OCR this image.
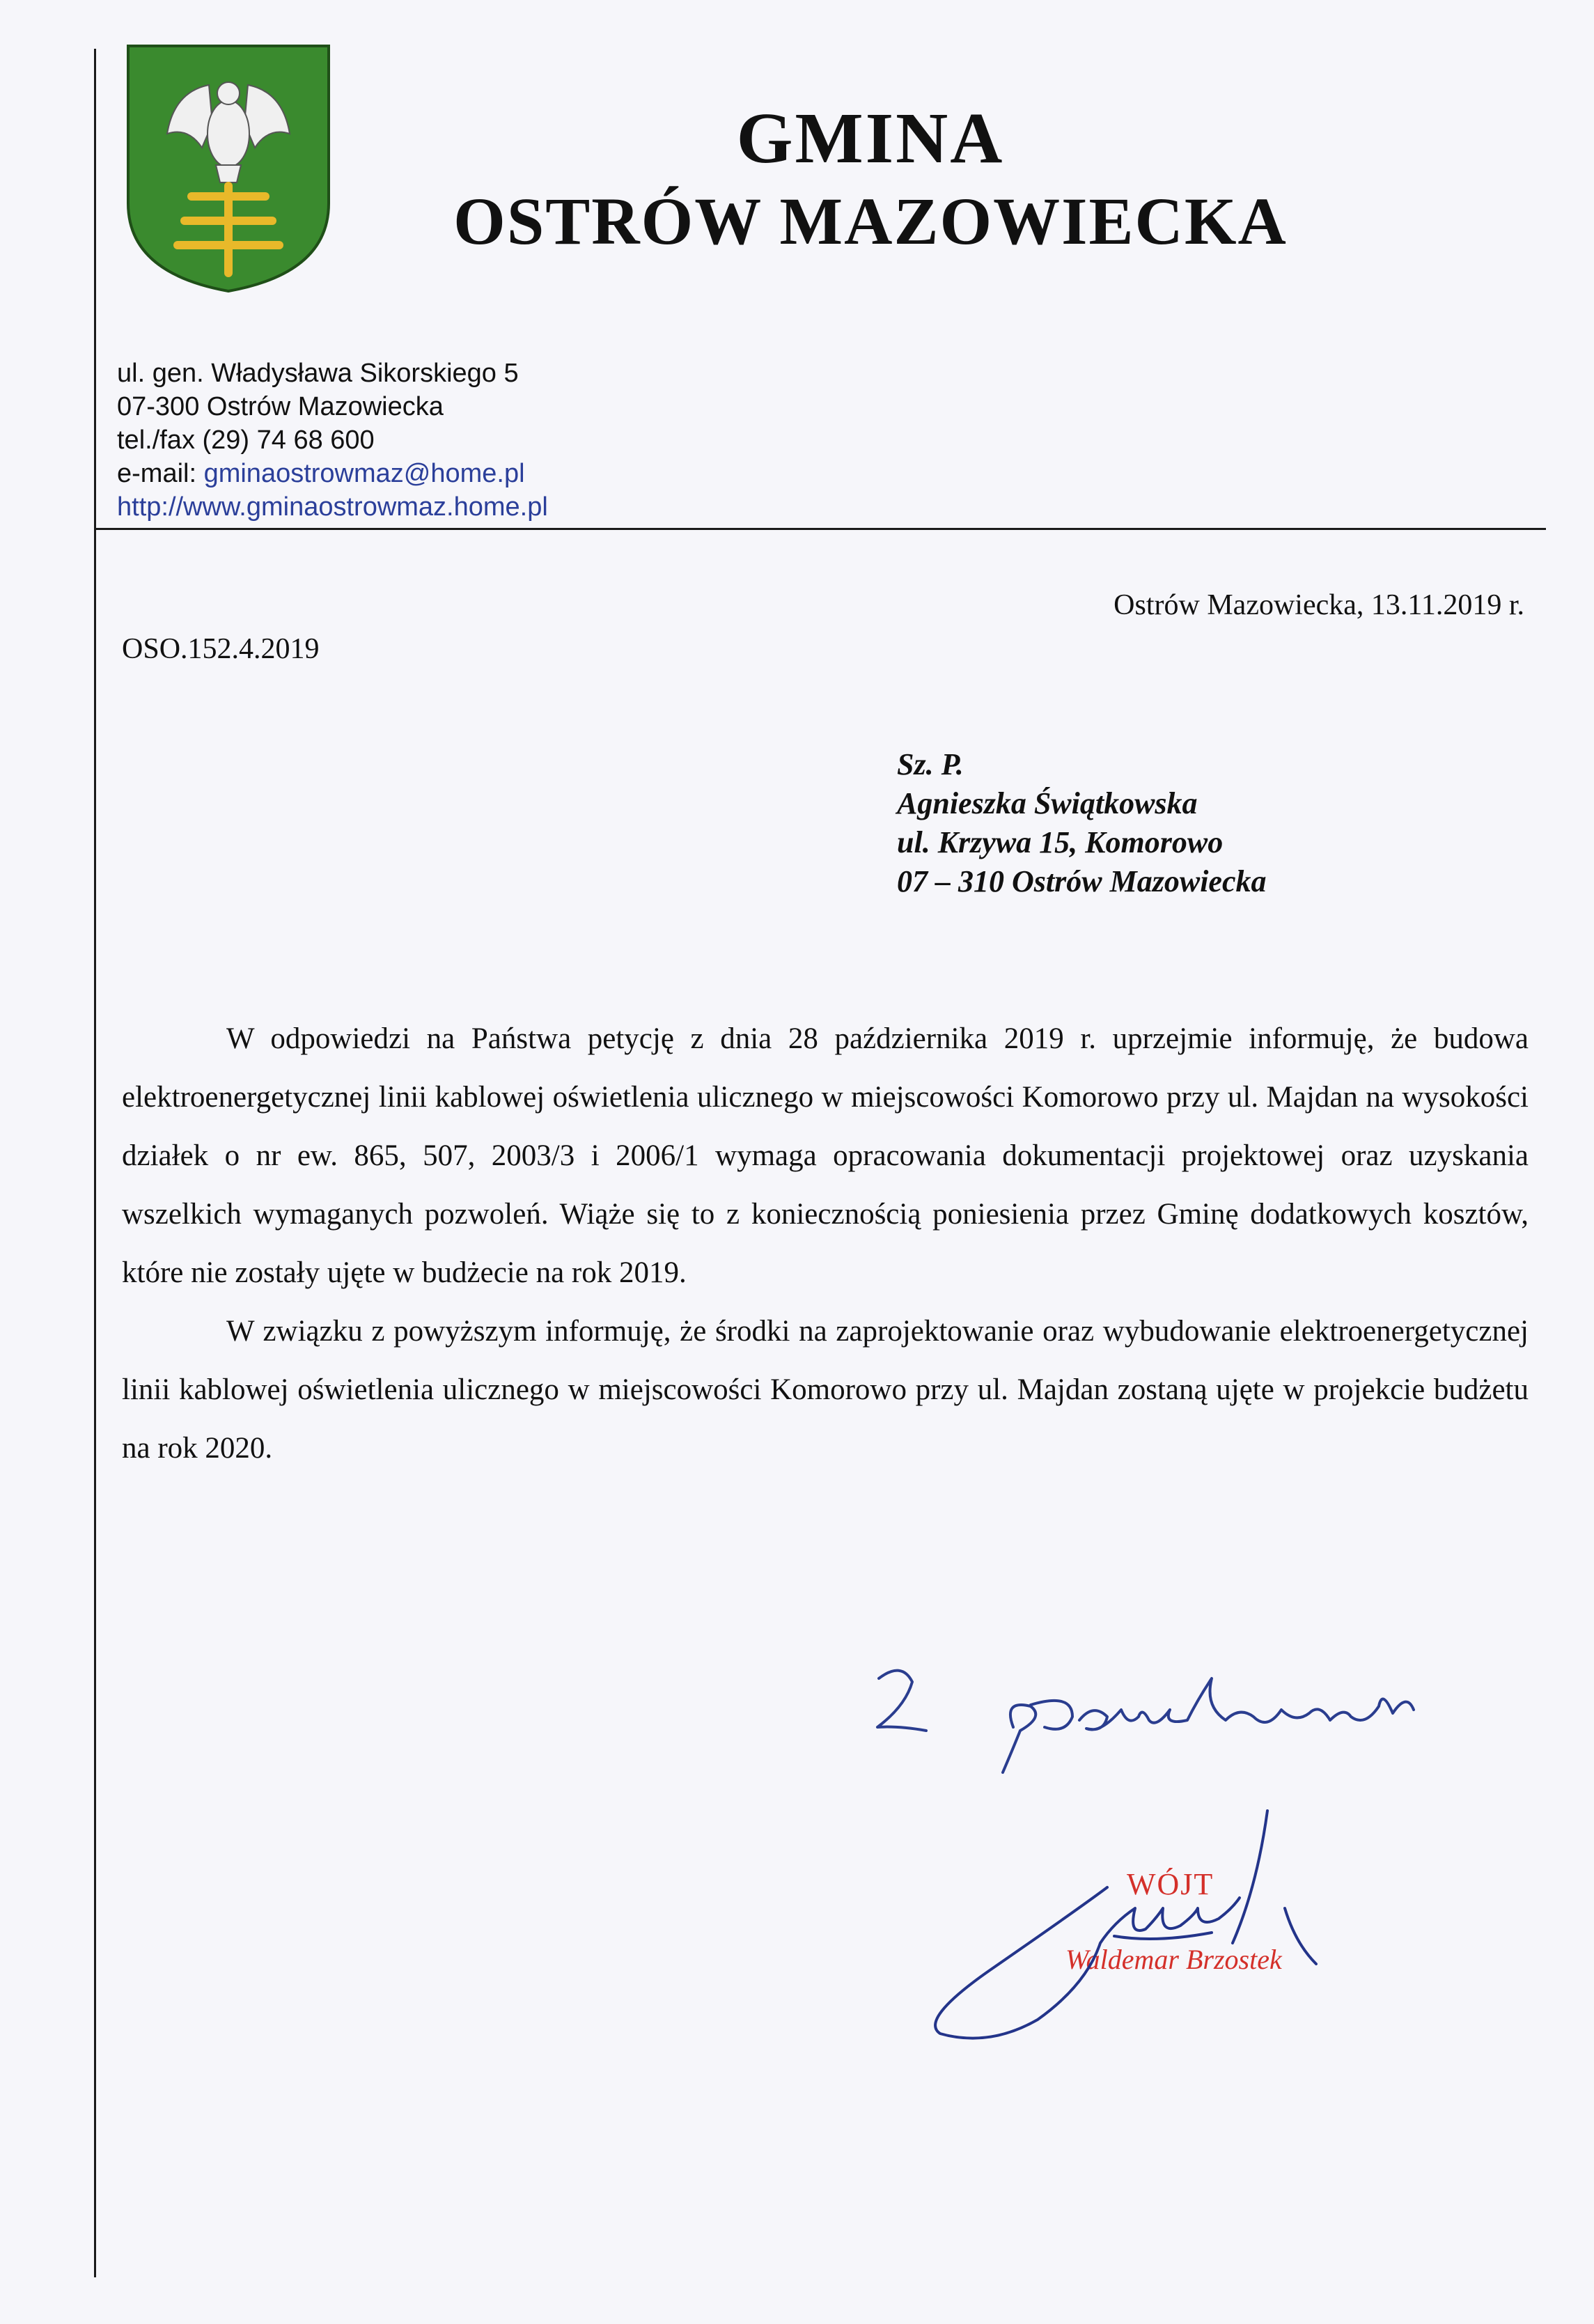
GMINA
OSTRÓW MAZOWIECKA
ul. gen. Władysława Sikorskiego 5
07-300 Ostrów Mazowiecka
tel./fax (29) 74 68 600
e-mail: gminaostrowmaz@home.pl
http://www.gminaostrowmaz.home.pl
Ostrów Mazowiecka, 13.11.2019 r.
OSO.152.4.2019
Sz. P.
Agnieszka Świątkowska
ul. Krzywa 15, Komorowo
07 – 310 Ostrów Mazowiecka

W odpowiedzi na Państwa petycję z dnia 28 października 2019 r. uprzejmie informuję, że budowa elektroenergetycznej linii kablowej oświetlenia ulicznego w miejscowości Komorowo przy ul. Majdan na wysokości działek o nr ew. 865, 507, 2003/3 i 2006/1 wymaga opracowania dokumentacji projektowej oraz uzyskania wszelkich wymaganych pozwoleń. Wiąże się to z koniecznością poniesienia przez Gminę dodatkowych kosztów, które nie zostały ujęte w budżecie na rok 2019.

W związku z powyższym informuję, że środki na zaprojektowanie oraz wybudowanie elektroenergetycznej linii kablowej oświetlenia ulicznego w miejscowości Komorowo przy ul. Majdan zostaną ujęte w projekcie budżetu na rok 2020.

WÓJT
Waldemar Brzostek
